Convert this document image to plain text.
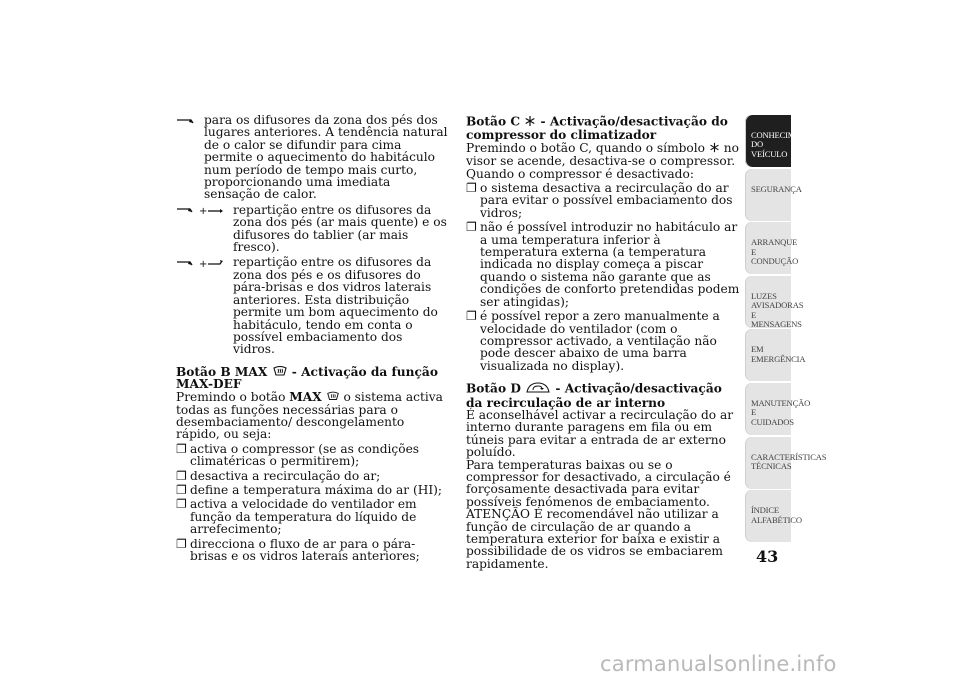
para os difusores da zona dos pés dos lugares anteriores. A tendência natural de o calor se difundir para cima permite o aquecimento do habitáculo num período de tempo mais curto, proporcionando uma imediata sensação de calor.
+ repartição entre os difusores da zona dos pés (ar mais quente) e os difusores do tablier (ar mais fresco).
+ repartição entre os difusores da zona dos pés e os difusores do pára-brisas e dos vidros laterais anteriores. Esta distribuição permite um bom aquecimento do habitáculo, tendo em conta o possível embaciamento dos vidros.

Botão B MAX - Activação da função MAX-DEF

Premindo o botão MAX o sistema activa todas as funções necessárias para o desembaciamento/ descongelamento rápido, ou seja:

❐ activa o compressor (se as condições climatéricas o permitirem);
❐ desactiva a recirculação do ar;
❐ define a temperatura máxima do ar (HI);
❐ activa a velocidade do ventilador em função da temperatura do líquido de arrefecimento;
❐ direcciona o fluxo de ar para o pára-brisas e os vidros laterais anteriores;

Botão C - Activação/desactivação do compressor do climatizador

Premindo o botão C, quando o símbolo no visor se acende, desactiva-se o compressor.

Quando o compressor é desactivado:

❐ o sistema desactiva a recirculação do ar para evitar o possível embaciamento dos vidros;
❐ não é possível introduzir no habitáculo ar a uma temperatura inferior à temperatura externa (a temperatura indicada no display começa a piscar quando o sistema não garante que as condições de conforto pretendidas podem ser atingidas);
❐ é possível repor a zero manualmente a velocidade do ventilador (com o compressor activado, a ventilação não pode descer abaixo de uma barra visualizada no display).

Botão D	- Activação/desactivação da recirculação de ar interno

É aconselhável activar a recirculação do ar interno durante paragens em fila ou em túneis para evitar a entrada de ar externo poluído.

Para temperaturas baixas ou se o compressor for desactivado, a circulação é forçosamente desactivada para evitar possíveis fenómenos de embaciamento.

ATENÇÃO É recomendável não utilizar a função de circulação de ar quando a temperatura exterior for baixa e existir a possibilidade de os vidros se embaciarem rapidamente.

CONHECIMENTO DO VEÍCULO
SEGURANÇA
ARRANQUE E CONDUÇÃO
LUZES AVISADORAS E MENSAGENS
EM EMERGÊNCIA
MANUTENÇÃO E CUIDADOS
CARACTERÍSTICAS TÉCNICAS
ÍNDICE ALFABÉTICO
43
carmanualsonline.info
